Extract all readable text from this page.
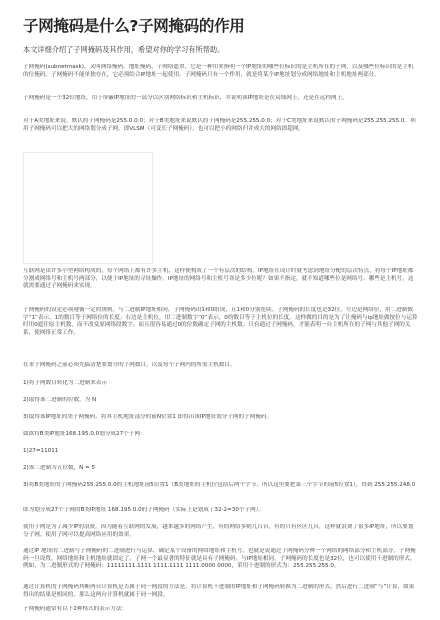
子网掩码是什么?子网掩码的作用

本文详细介绍了子网掩码及其作用，希望对你的学习有所帮助。

子网掩码(subnetmask)，又叫网络掩码、地址掩码、子网络遮罩，它是一种用来指明一个IP地址的哪些位标识的是主机所在的子网，以及哪些位标识的是主机的位掩码。子网掩码不能单独存在，它必须结合IP地址一起使用。子网掩码只有一个作用，就是将某个IP地址划分成网络地址和主机地址两部分。

子网掩码是一个32位地址，用于屏蔽IP地址的一部分以区别网络标识和主机标识，并说明该IP地址是在局域网上，还是在远程网上。

对于A类地址来说，默认的子网掩码是255.0.0.0；对于B类地址来说默认的子网掩码是255.255.0.0；对于C类地址来说默认的子网掩码是255.255.255.0。利用子网掩码可以把大的网络划分成子网，即VLSM（可变长子网掩码），也可以把小的网络归并成大的网络即超网。

互联网是由许多小型网络构成的，每个网络上都有许多主机，这样便构成了一个有层次的结构。IP地址在设计时就考虑到地址分配的层次特点，将每个IP地址都分割成网络号和主机号两部分，以便于IP地址的寻址操作。IP地址的网络号和主机号各是多少位呢？如果不指定，就不知道哪些位是网络号、哪些是主机号，这就需要通过子网掩码来实现。

子网掩码的设定必须遵循一定的规则。与二进制IP地址相同，子网掩码由1和0组成，且1和0分别连续。子网掩码的长度也是32位，左边是网络位，用二进制数字“1”表示，1的数目等于网络位的长度；右边是主机位，用二进制数字“0”表示，0的数目等于主机位的长度。这样做的目的是为了让掩码与ip地址做按位与运算时用0遮住原主机数，而不改变原网络段数字，而且很容易通过0的位数确定子网的主机数。只有通过子网掩码，才能表明一台主机所在的子网与其他子网的关系，使网络正常工作。

在求子网掩码之前必须先搞清楚要划分的子网数目，以及每个子网内的所需主机数目。

1)将子网数目转化为二进制来表示

2)取得该二进制的位数，为 N

3)取得该IP地址的类子网掩码，将其主机地址部分的前N位置1 即得出该IP地址划分子网的子网掩码。

如欲将B类IP地址168.195.0.0划分成27个子网：

1)27=11011

2)该二进制为五位数，N = 5

3)将B类地址的子网掩码255.255.0.0的主机地址前5位置1（B类地址的主机位包括后两个字节，所以这里要把第三个字节的前5位置1），得到 255.255.248.0

即为划分成27个子网的B类IP地址 168.195.0.0的子网掩码（实际上是划成了32-2=30个子网）。

使用子网是为了减少IP的浪费。因为随着互联网的发展，越来越多的网络产生，有的网络多则几百台，有的只有区区几台，这样就浪费了很多IP地址，所以要划分子网。使用子网可以提高网络应用的效率。

通过IP 地址的二进制与子网掩码的二进制进行与运算，确定某个设备的网络地址和主机号，也就是说通过子网掩码分辨一个网络的网络部分和主机部分。子网掩码一旦设置，网络地址和主机地址就固定了。子网一个最显著的特征就是具有子网掩码。与IP地址相同，子网掩码的长度也是32位，也可以使用十进制的形式。例如，为二进制形式的子网掩码：11111111.1111 1111.1111 1111.0000 0000，采用十进制的形式为：255.255.255.0。

通过计算机的子网掩码判断两台计算机是否属于同一网段的方法是，将计算机十进制的IP地址和子网掩码转换为二进制的形式，然后进行二进制“与”计算，如果得出的结果是相同的，那么这两台计算机就属于同一网段。

子网掩码通常有以下2种格式的表示方法：
